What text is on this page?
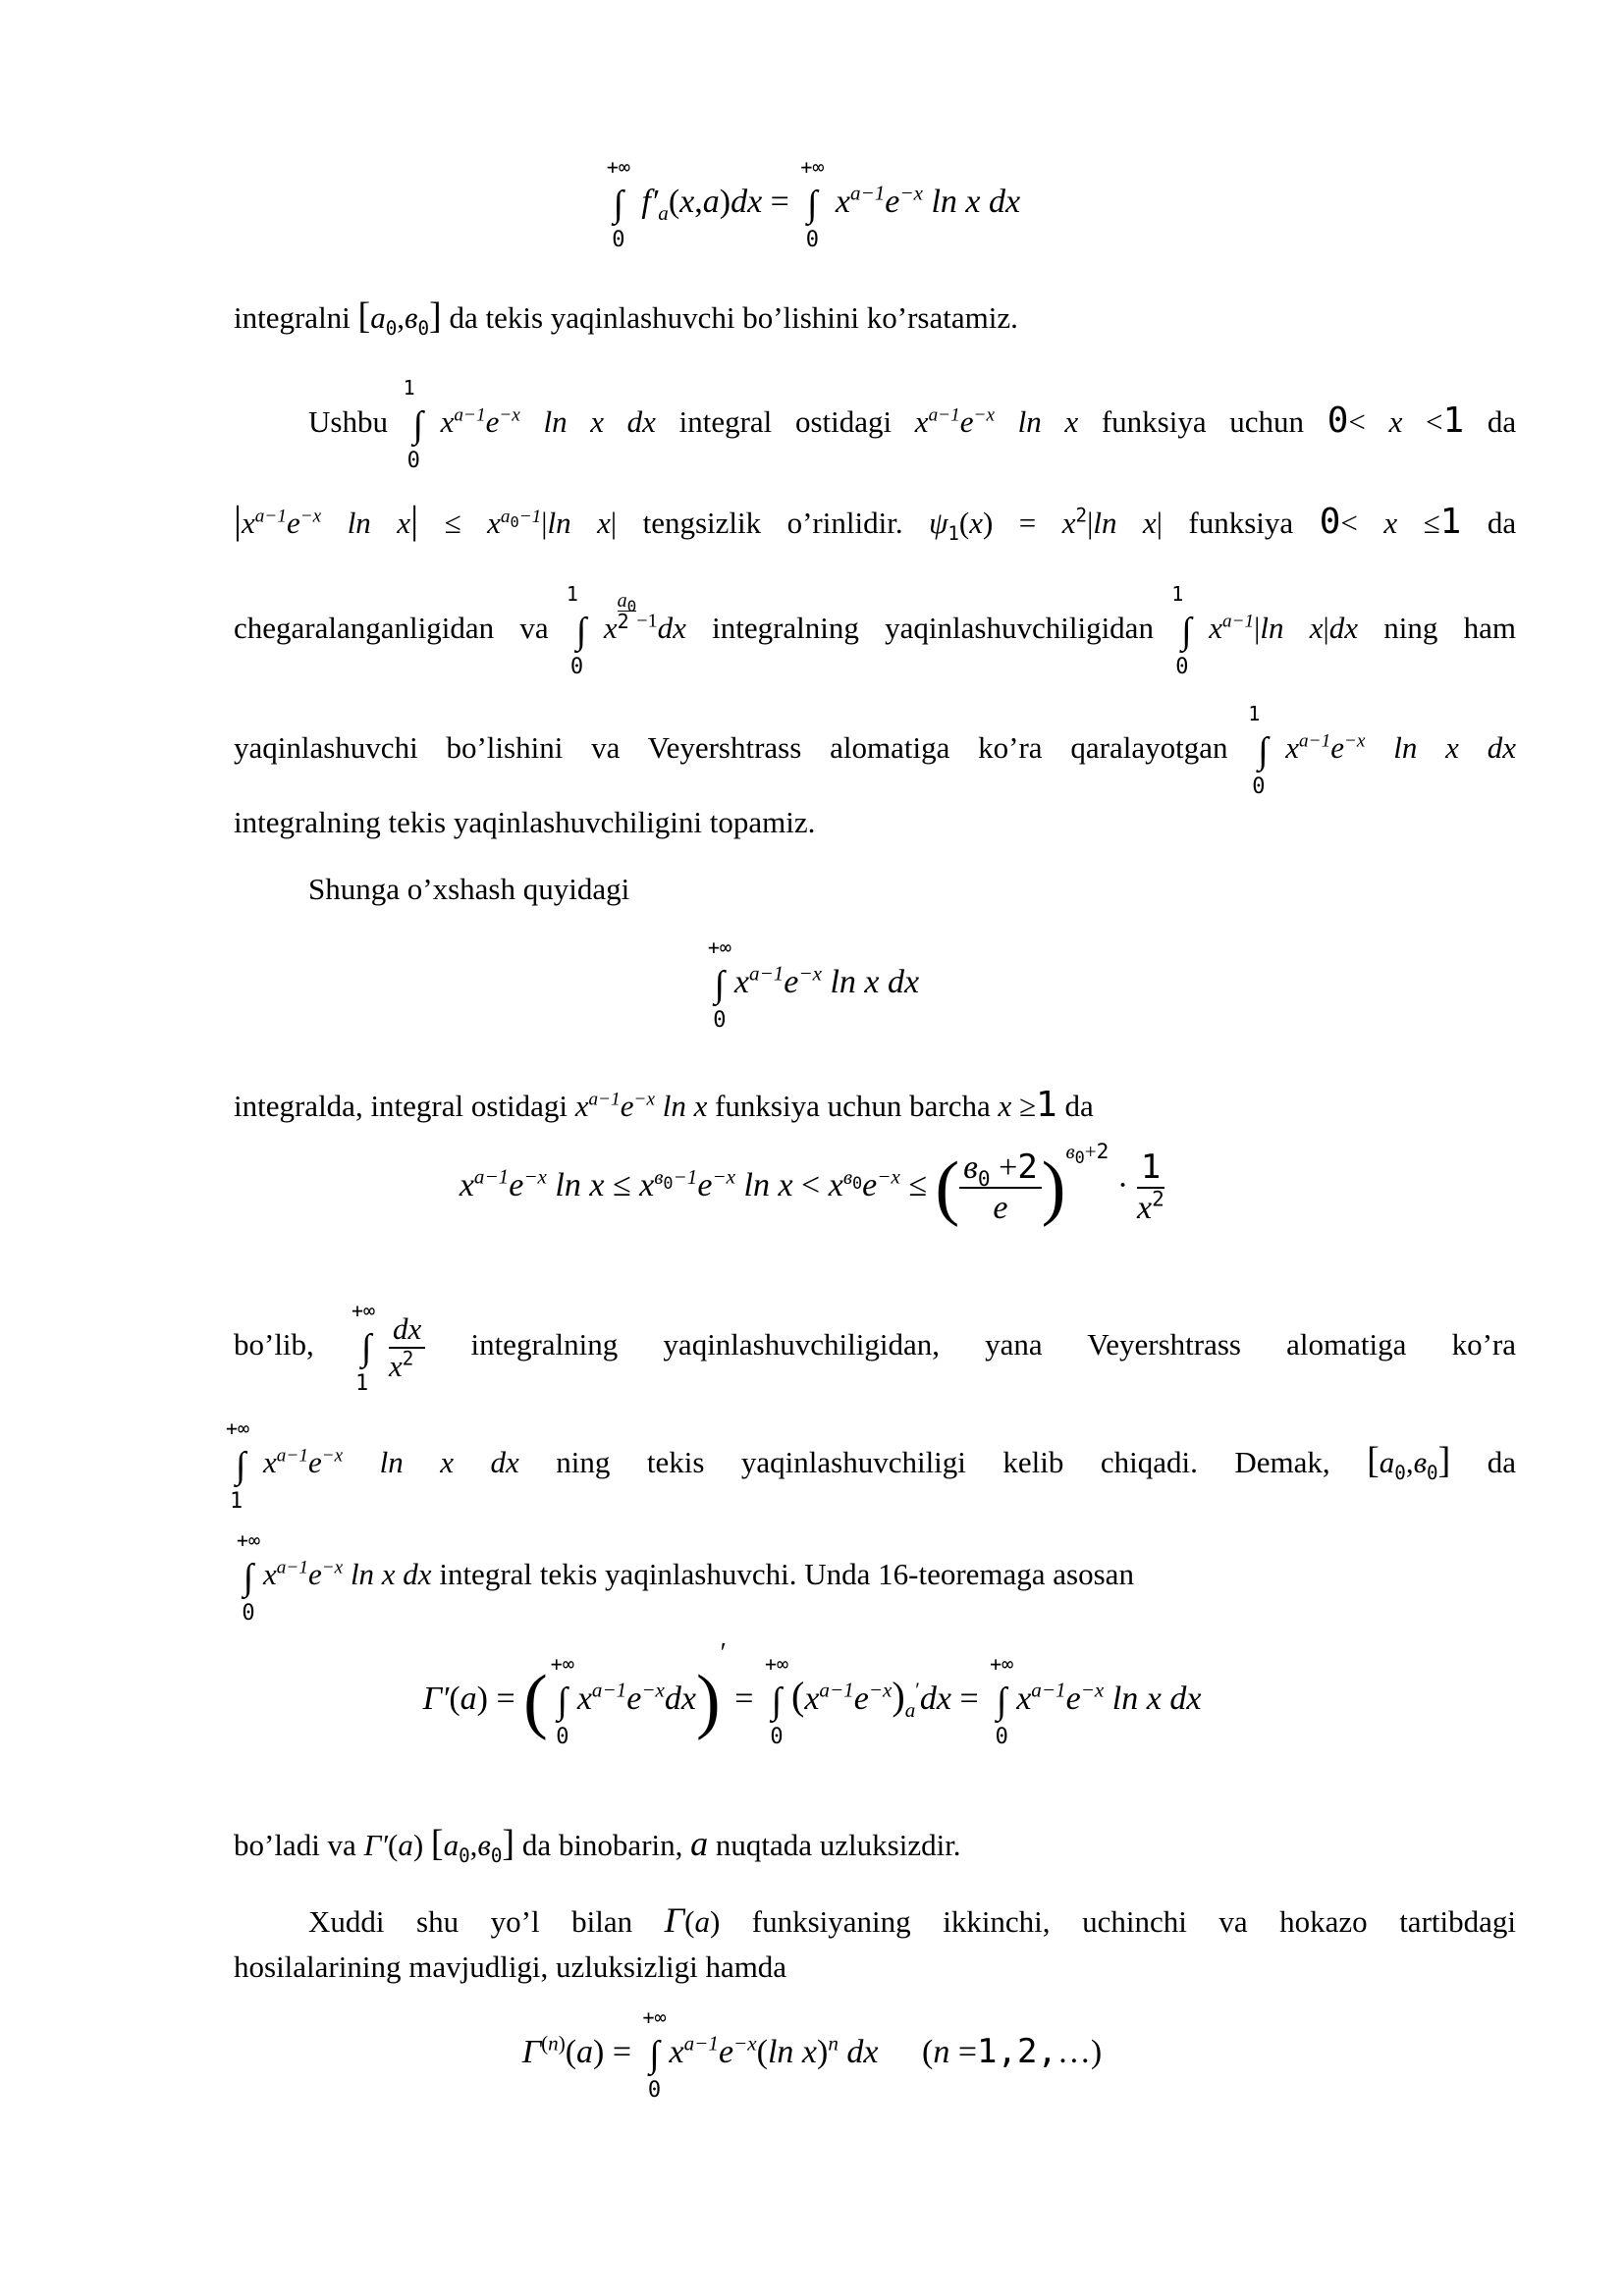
+∞
∫
0
$f'_a(x,a)dx$ =
+∞
∫
0
$x^{a-1}e^{-x}$ ln x dx
integralni $[a_0,в_0]$ da tekis yaqinlashuvchi bo’lishini ko’rsatamiz.
Ushbu
1
∫
0
$x^{a-1}e^{-x}$ ln x dx integral ostidagi $x^{a-1}e^{-x}$ ln x funksiya uchun 0< x <1 da
$|x^{a-1}e^{-x}$ $\ln x| \le x^{a_0-1}|\ln$ x| tengsizlik o’rinlidir. $\psi_1(x) = x^2|\ln$ x| funksiya 0< x ≤1 da
chegaralanganligidan va
1
∫
0
x $\frac{a_0}{2} ^{-1}dx$ integralning yaqinlashuvchiligidan
1
∫
0
$x^{a-1}|\ln$ x|dx ning ham
yaqinlashuvchi bo’lishini va Veyershtrass alomatiga ko’ra qaralayotgan
1
∫
0
$x^{a-1}e^{-x}$ ln x dx
integralning tekis yaqinlashuvchiligini topamiz.
Shunga o’xshash quyidagi
+∞
∫
0
$x^{a-1}e^{-x}$ ln x dx
integralda, integral ostidagi $x^{a-1}e^{-x}$ ln x funksiya uchun barcha x ≥1 da
$x^{a-1}e^{-x}$ $\ln x \le x^{в_0-1}e^{-x}$ $\ln x < x^{в_0}e^{-x}$ ≤ ( $\frac{в_0 +2}{e} )^{в_0+2} \cdot \frac{1}{x^2}$
bo’lib,
+∞
∫
$1 \frac{dx}{x^2}$ integralning yaqinlashuvchiligidan, yana Veyershtrass alomatiga ko’ra
+∞
∫
1
$x^{a-1}e^{-x}$ ln x dx ning tekis yaqinlashuvchiligi kelib chiqadi. Demak, $[a_0,в_0]$ da
+∞
∫
0
$x^{a-1}e^{-x}$ ln x dx integral tekis yaqinlashuvchi. Unda 16-teoremaga asosan
Г′(a) = ( +∞
∫
0
$x^{a-1}e^{-x}dx)'$ =
+∞
∫
0
$(x^{a-1}e^{-x})_a'dx$ =
+∞
∫
0
$x^{a-1}e^{-x}$ ln x dx
bo’ladi va Г′(a) $[a_0,в_0]$ da binobarin, a nuqtada uzluksizdir.
Xuddi shu yo’l bilan Г(a) funksiyaning ikkinchi, uchinchi va hokazo tartibdagi
hosilalarining mavjudligi, uzluksizligi hamda
$Г^{(n)}(a)$ =
+∞
∫
0
$x^{a-1}e^{-x}(\ln$ x)$^n$ dx (n =1,2,…)
